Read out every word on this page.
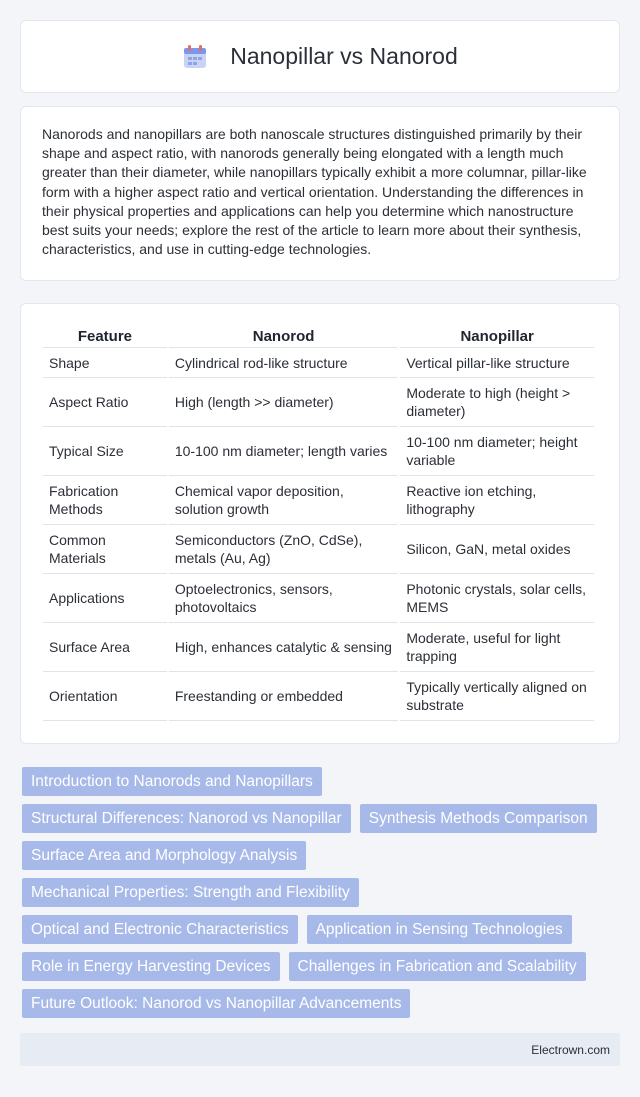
Nanopillar vs Nanorod

Nanorods and nanopillars are both nanoscale structures distinguished primarily by their shape and aspect ratio, with nanorods generally being elongated with a length much greater than their diameter, while nanopillars typically exhibit a more columnar, pillar-like form with a higher aspect ratio and vertical orientation. Understanding the differences in their physical properties and applications can help you determine which nanostructure best suits your needs; explore the rest of the article to learn more about their synthesis, characteristics, and use in cutting-edge technologies.

Feature	Nanorod	Nanopillar
Shape	Cylindrical rod-like structure	Vertical pillar-like structure
Aspect Ratio	High (length >> diameter)	Moderate to high (height > diameter)
Typical Size	10-100 nm diameter; length varies	10-100 nm diameter; height variable
Fabrication Methods	Chemical vapor deposition, solution growth	Reactive ion etching, lithography
Common Materials	Semiconductors (ZnO, CdSe), metals (Au, Ag)	Silicon, GaN, metal oxides
Applications	Optoelectronics, sensors, photovoltaics	Photonic crystals, solar cells, MEMS
Surface Area	High, enhances catalytic & sensing	Moderate, useful for light trapping
Orientation	Freestanding or embedded	Typically vertically aligned on substrate
Introduction to Nanorods and Nanopillars
Structural Differences: Nanorod vs Nanopillar	Synthesis Methods Comparison
Surface Area and Morphology Analysis
Mechanical Properties: Strength and Flexibility
Optical and Electronic Characteristics	Application in Sensing Technologies
Role in Energy Harvesting Devices	Challenges in Fabrication and Scalability
Future Outlook: Nanorod vs Nanopillar Advancements
Electrown.com
